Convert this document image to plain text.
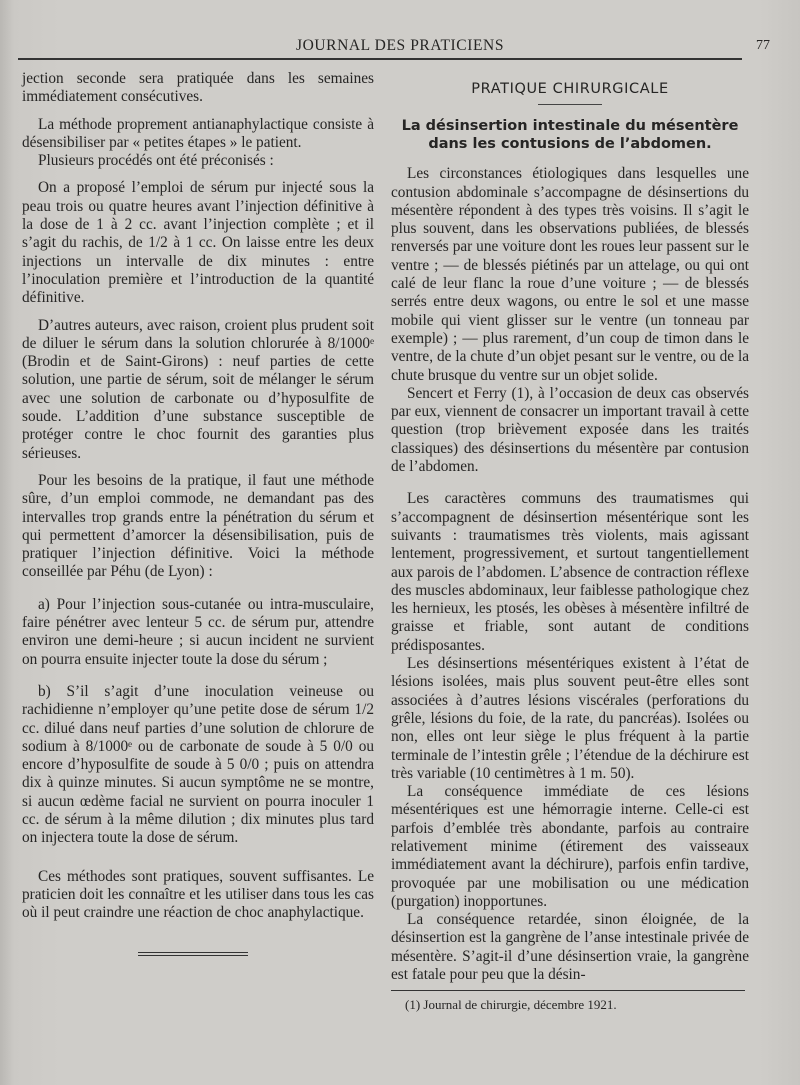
JOURNAL DES PRATICIENS	77

jection seconde sera pratiquée dans les semaines immédiatement consécutives.

La méthode proprement antianaphylactique consiste à désensibiliser par « petites étapes » le patient.

Plusieurs procédés ont été préconisés :

On a proposé l’emploi de sérum pur injecté sous la peau trois ou quatre heures avant l’injection définitive à la dose de 1 à 2 cc. avant l’injection complète ; et il s’agit du rachis, de 1/2 à 1 cc. On laisse entre les deux injections un intervalle de dix minutes : entre l’inoculation première et l’introduction de la quantité définitive.

D’autres auteurs, avec raison, croient plus prudent soit de diluer le sérum dans la solution chlorurée à 8/1000ᵉ (Brodin et de Saint-Girons) : neuf parties de cette solution, une partie de sérum, soit de mélanger le sérum avec une solution de carbonate ou d’hyposulfite de soude. L’addition d’une substance susceptible de protéger contre le choc fournit des garanties plus sérieuses.

Pour les besoins de la pratique, il faut une méthode sûre, d’un emploi commode, ne demandant pas des intervalles trop grands entre la pénétration du sérum et qui permettent d’amorcer la désensibilisation, puis de pratiquer l’injection définitive. Voici la méthode conseillée par Péhu (de Lyon) :

a) Pour l’injection sous-cutanée ou intra-musculaire, faire pénétrer avec lenteur 5 cc. de sérum pur, attendre environ une demi-heure ; si aucun incident ne survient on pourra ensuite injecter toute la dose du sérum ;

b) S’il s’agit d’une inoculation veineuse ou rachidienne n’employer qu’une petite dose de sérum 1/2 cc. dilué dans neuf parties d’une solution de chlorure de sodium à 8/1000ᵉ ou de carbonate de soude à 5 0/0 ou encore d’hyposulfite de soude à 5 0/0 ; puis on attendra dix à quinze minutes. Si aucun symptôme ne se montre, si aucun œdème facial ne survient on pourra inoculer 1 cc. de sérum à la même dilution ; dix minutes plus tard on injectera toute la dose de sérum.

Ces méthodes sont pratiques, souvent suffisantes. Le praticien doit les connaître et les utiliser dans tous les cas où il peut craindre une réaction de choc anaphylactique.

PRATIQUE CHIRURGICALE
La désinsertion intestinale du mésentère dans les contusions de l’abdomen.

Les circonstances étiologiques dans lesquelles une contusion abdominale s’accompagne de désinsertions du mésentère répondent à des types très voisins. Il s’agit le plus souvent, dans les observations publiées, de blessés renversés par une voiture dont les roues leur passent sur le ventre ; — de blessés piétinés par un attelage, ou qui ont calé de leur flanc la roue d’une voiture ; — de blessés serrés entre deux wagons, ou entre le sol et une masse mobile qui vient glisser sur le ventre (un tonneau par exemple) ; — plus rarement, d’un coup de timon dans le ventre, de la chute d’un objet pesant sur le ventre, ou de la chute brusque du ventre sur un objet solide.

Sencert et Ferry (1), à l’occasion de deux cas observés par eux, viennent de consacrer un important travail à cette question (trop brièvement exposée dans les traités classiques) des désinsertions du mésentère par contusion de l’abdomen.

Les caractères communs des traumatismes qui s’accompagnent de désinsertion mésentérique sont les suivants : traumatismes très violents, mais agissant lentement, progressivement, et surtout tangentiellement aux parois de l’abdomen. L’absence de contraction réflexe des muscles abdominaux, leur faiblesse pathologique chez les hernieux, les ptosés, les obèses à mésentère infiltré de graisse et friable, sont autant de conditions prédisposantes.

Les désinsertions mésentériques existent à l’état de lésions isolées, mais plus souvent peut-être elles sont associées à d’autres lésions viscérales (perforations du grêle, lésions du foie, de la rate, du pancréas). Isolées ou non, elles ont leur siège le plus fréquent à la partie terminale de l’intestin grêle ; l’étendue de la déchirure est très variable (10 centimètres à 1 m. 50).

La conséquence immédiate de ces lésions mésentériques est une hémorragie interne. Celle-ci est parfois d’emblée très abondante, parfois au contraire relativement minime (étirement des vaisseaux immédiatement avant la déchirure), parfois enfin tardive, provoquée par une mobilisation ou une médication (purgation) inopportunes.

La conséquence retardée, sinon éloignée, de la désinsertion est la gangrène de l’anse intestinale privée de mésentère. S’agit-il d’une désinsertion vraie, la gangrène est fatale pour peu que la désin-

(1) Journal de chirurgie, décembre 1921.
